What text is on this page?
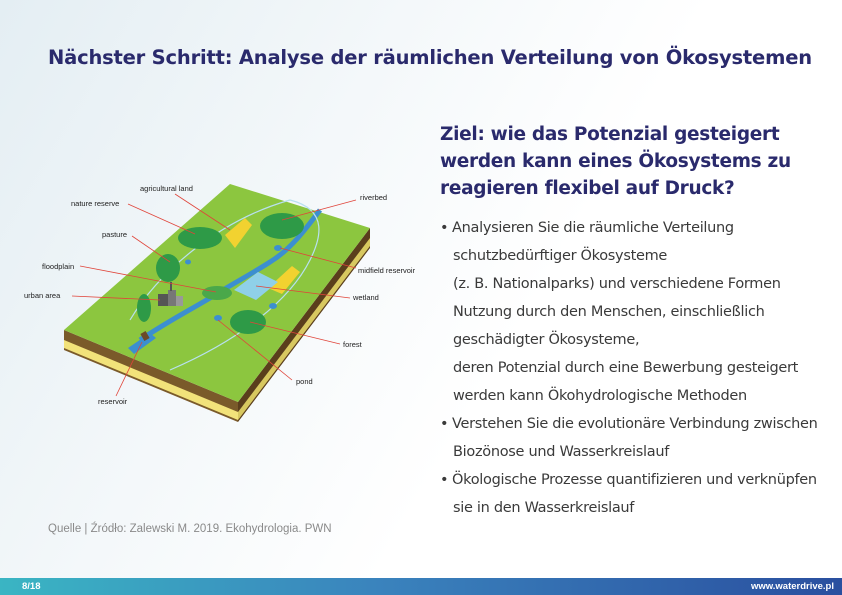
Nächster Schritt: Analyse der räumlichen Verteilung von Ökosystemen
agricultural land
nature reserve
riverbed
pasture
floodplain	midfield reservoir
urban area	wetland
forest
pond
reservoir
Ziel: wie das Potenzial gesteigert werden kann eines Ökosystems zu reagieren flexibel auf Druck?
• Analysieren Sie die räumliche Verteilung
schutzbedürftiger Ökosysteme
(z. B. Nationalparks) und verschiedene Formen
Nutzung durch den Menschen, einschließlich
geschädigter Ökosysteme,
deren Potenzial durch eine Bewerbung gesteigert
werden kann Ökohydrologische Methoden
• Verstehen Sie die evolutionäre Verbindung zwischen
Biozönose und Wasserkreislauf
• Ökologische Prozesse quantifizieren und verknüpfen
sie in den Wasserkreislauf
Quelle | Źródło: Zalewski M. 2019. Ekohydrologia. PWN
8/18	www.waterdrive.pl
